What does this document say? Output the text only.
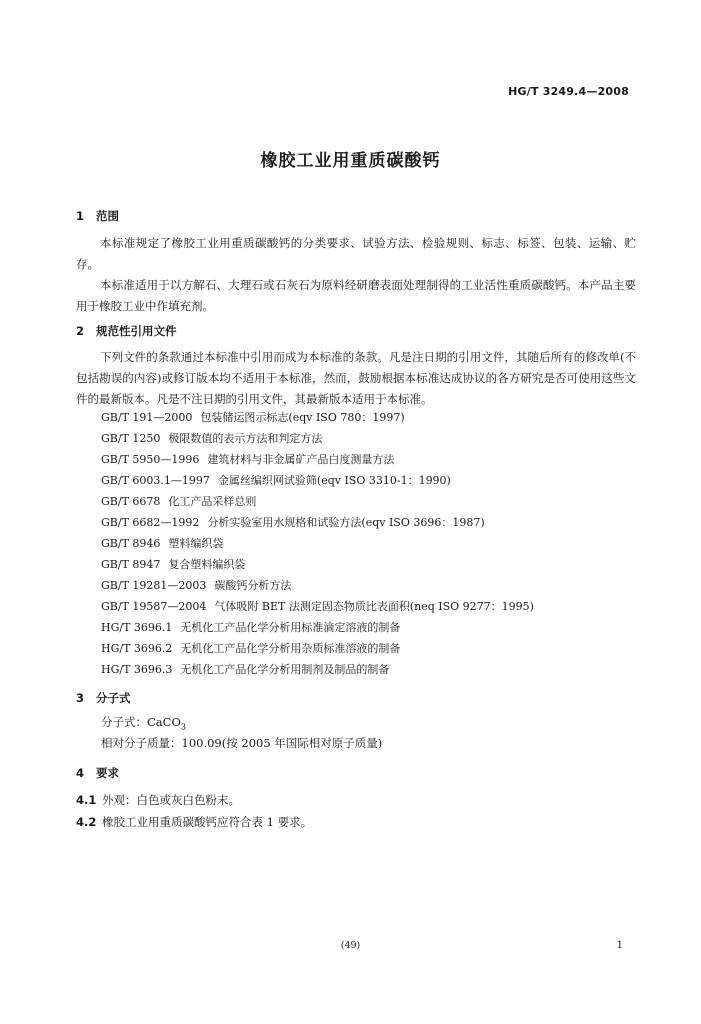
HG/T 3249.4—2008
橡胶工业用重质碳酸钙
1 范围
本标准规定了橡胶工业用重质碳酸钙的分类要求、试验方法、检验规则、标志、标签、包装、运输、贮存。
本标准适用于以方解石、大理石或石灰石为原料经研磨表面处理制得的工业活性重质碳酸钙。本产品主要用于橡胶工业中作填充剂。
2 规范性引用文件
下列文件的条款通过本标准中引用而成为本标准的条款。凡是注日期的引用文件，其随后所有的修改单(不包括勘误的内容)或修订版本均不适用于本标准，然而，鼓励根据本标准达成协议的各方研究是否可使用这些文件的最新版本。凡是不注日期的引用文件，其最新版本适用于本标准。
GB/T 191—2000 包装储运图示标志(eqv ISO 780：1997)
GB/T 1250 极限数值的表示方法和判定方法
GB/T 5950—1996 建筑材料与非金属矿产品白度测量方法
GB/T 6003.1—1997 金属丝编织网试验筛(eqv ISO 3310-1：1990)
GB/T 6678 化工产品采样总则
GB/T 6682—1992 分析实验室用水规格和试验方法(eqv ISO 3696：1987)
GB/T 8946 塑料编织袋
GB/T 8947 复合塑料编织袋
GB/T 19281—2003 碳酸钙分析方法
GB/T 19587—2004 气体吸附 BET 法测定固态物质比表面积(neq ISO 9277：1995)
HG/T 3696.1 无机化工产品化学分析用标准滴定溶液的制备
HG/T 3696.2 无机化工产品化学分析用杂质标准溶液的制备
HG/T 3696.3 无机化工产品化学分析用制剂及制品的制备
3 分子式
分子式：CaCO$_3$
相对分子质量：100.09(按 2005 年国际相对原子质量)
4 要求
4.1 外观：白色或灰白色粉末。
4.2 橡胶工业用重质碳酸钙应符合表 1 要求。
(49)	1
